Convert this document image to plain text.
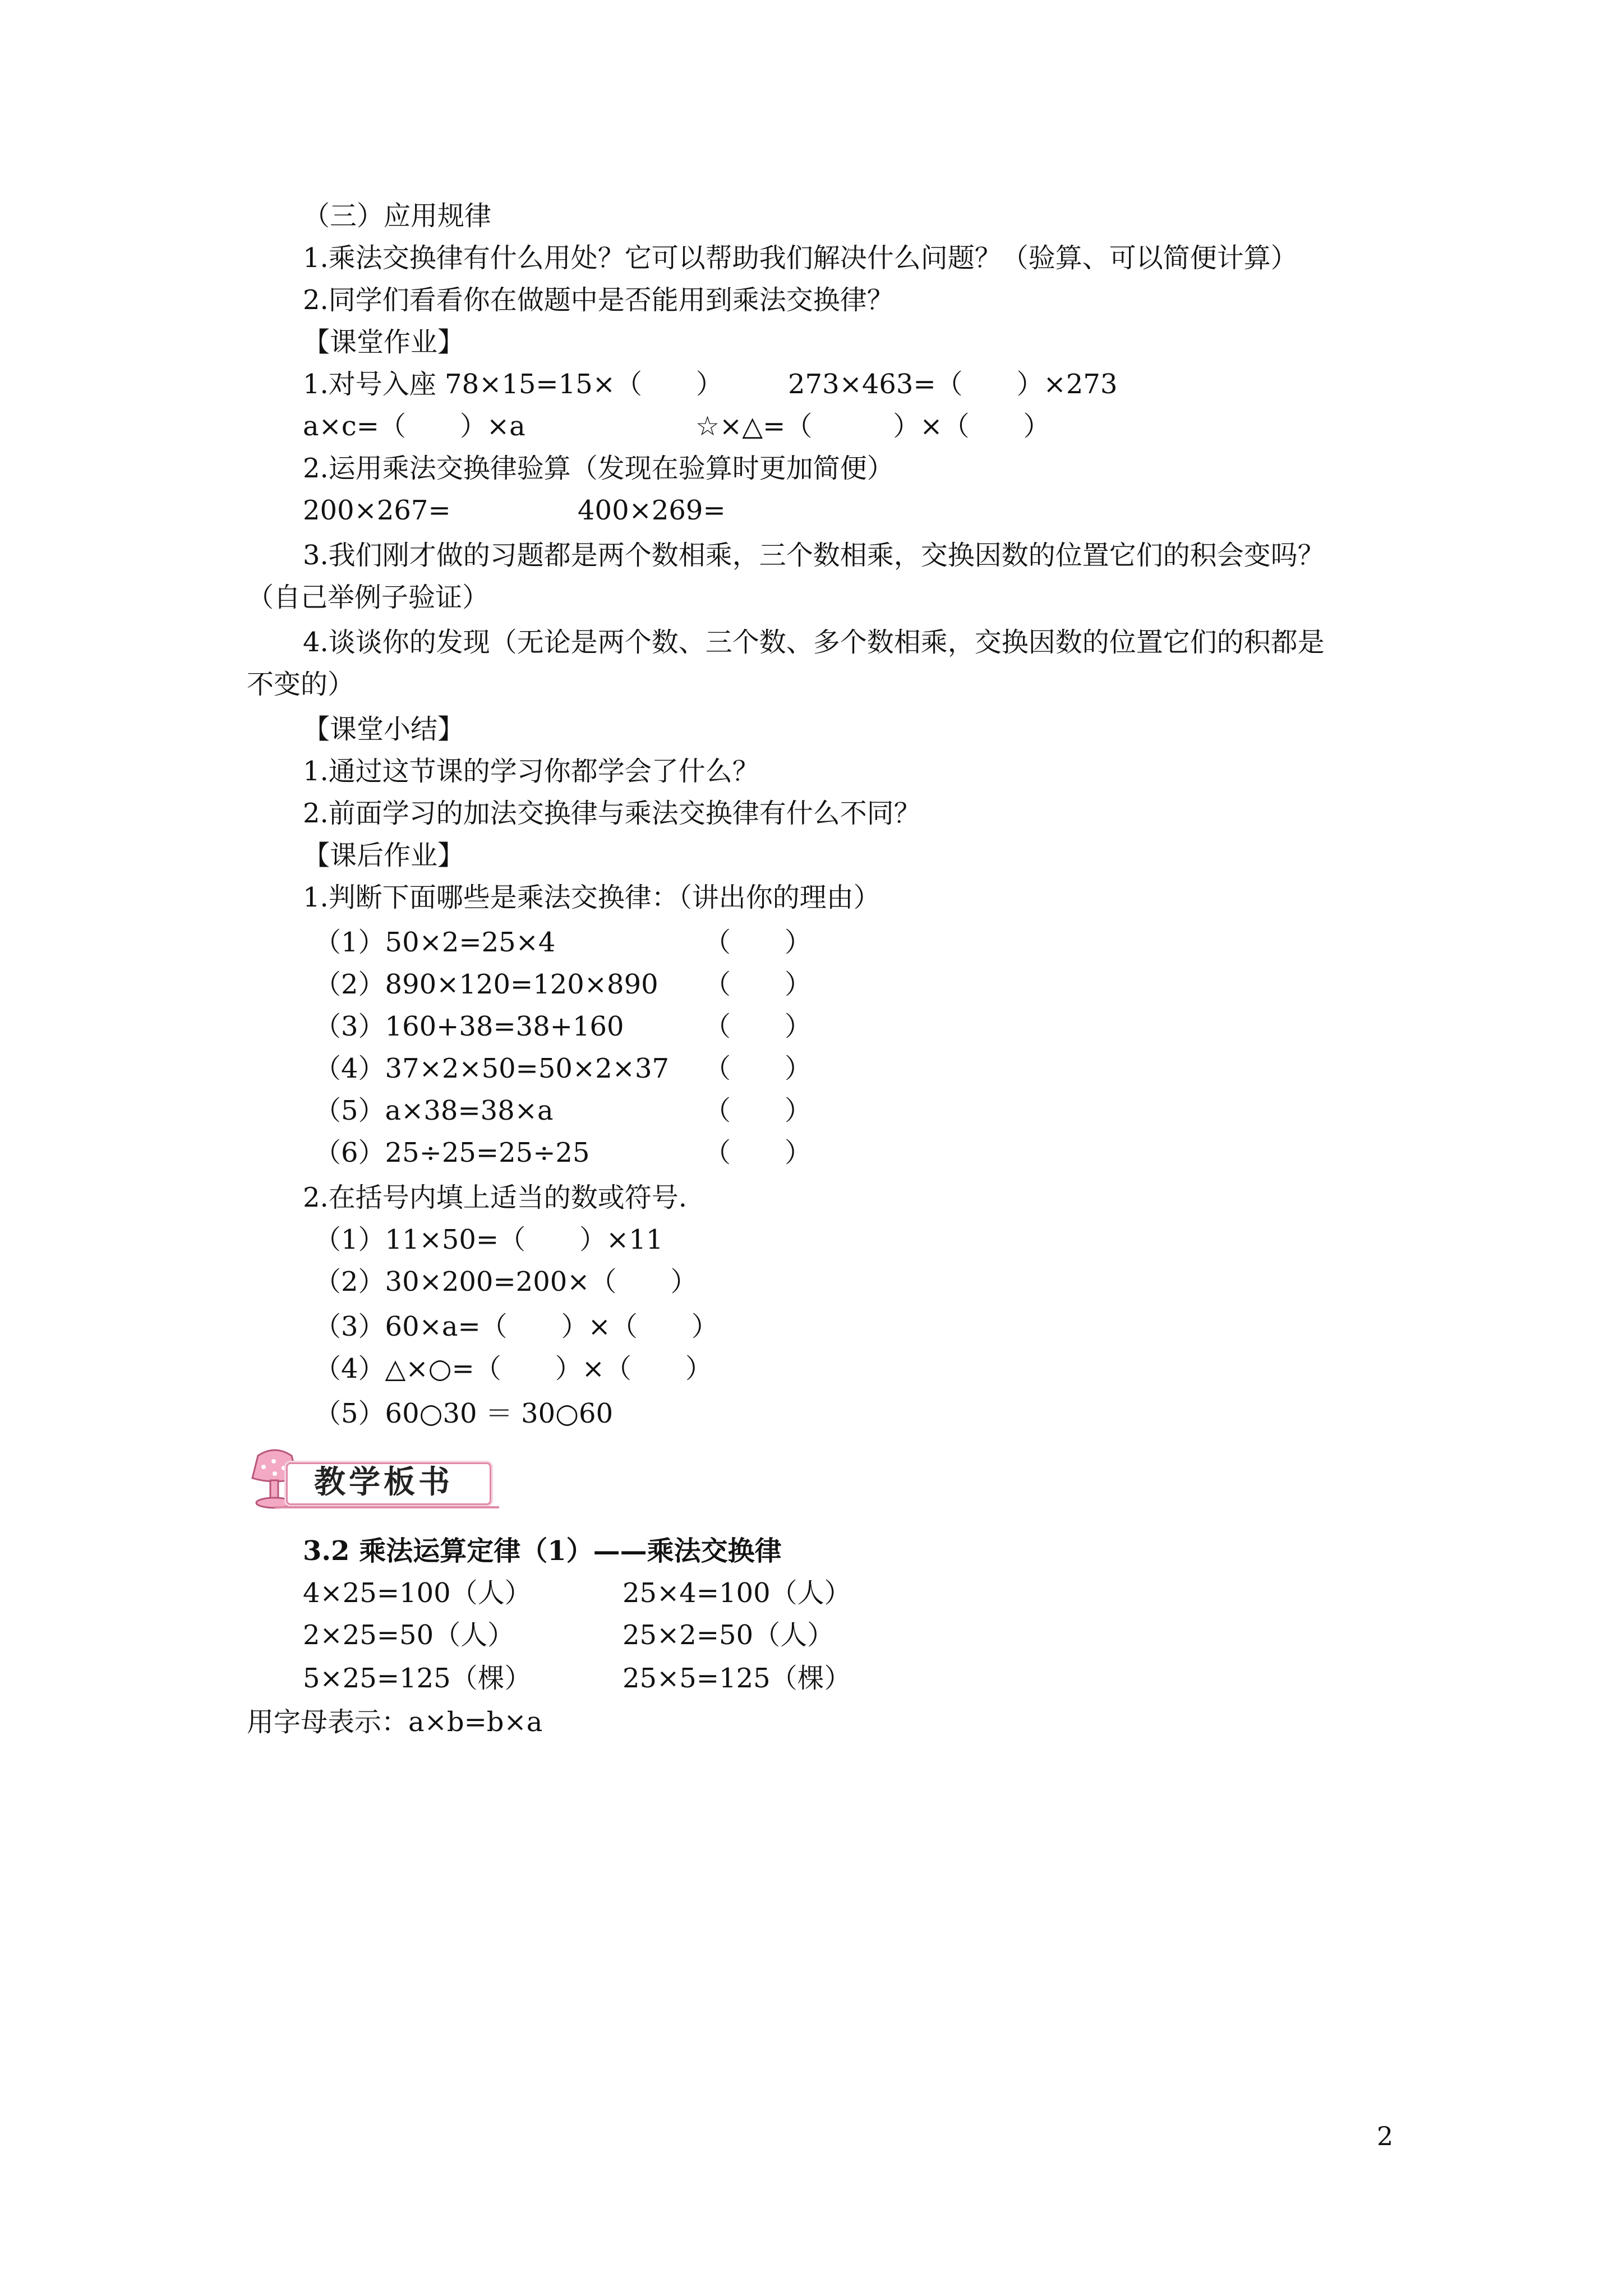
（三）应用规律
1.乘法交换律有什么用处？它可以帮助我们解决什么问题？（验算、可以简便计算）
2.同学们看看你在做题中是否能用到乘法交换律？
【课堂作业】
1.对号入座 78×15=15×（　　） 273×463=（　　）×273
a×c=（　　）×a	☆×△=（　　　）×（　　）
2.运用乘法交换律验算（发现在验算时更加简便）
200×267=	400×269=
3.我们刚才做的习题都是两个数相乘，三个数相乘，交换因数的位置它们的积会变吗？
（自己举例子验证）
4.谈谈你的发现（无论是两个数、三个数、多个数相乘，交换因数的位置它们的积都是
不变的）
【课堂小结】
1.通过这节课的学习你都学会了什么？
2.前面学习的加法交换律与乘法交换律有什么不同？
【课后作业】
1.判断下面哪些是乘法交换律：（讲出你的理由）
（1）50×2=25×4	（　　）
（2）890×120=120×890 （　　）
（3）160+38=38+160	（　　）
（4）37×2×50=50×2×37 （　　）
（5）a×38=38×a	（　　）
（6）25÷25=25÷25	（　　）
2.在括号内填上适当的数或符号.
（1）11×50=（　　）×11
（2）30×200=200×（　　）
（3）60×a=（　　）×（　　）
（4）△×○=（　　）×（　　）
（5）60○30 ＝ 30○60
教学板书
3.2 乘法运算定律（1）——乘法交换律
4×25=100（人）	25×4=100（人）
2×25=50（人）	25×2=50（人）
5×25=125（棵）	25×5=125（棵）
用字母表示：a×b=b×a
2
